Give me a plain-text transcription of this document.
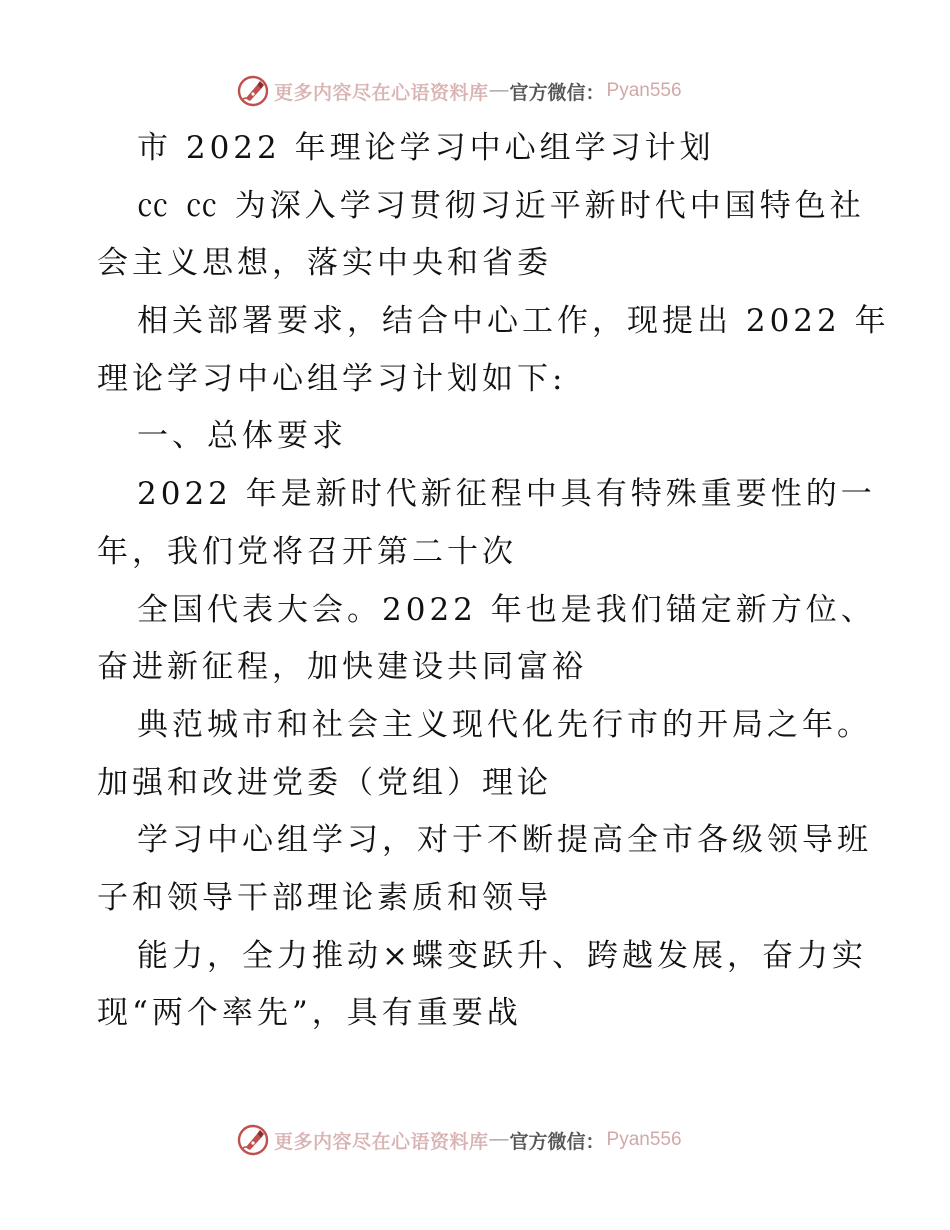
更多内容尽在心语资料库 — 官方微信： Pyan556
市 2022 年理论学习中心组学习计划
㏄ ㏄ 为深入学习贯彻习近平新时代中国特色社
会主义思想，落实中央和省委
相关部署要求，结合中心工作，现提出 2022 年
理论学习中心组学习计划如下:
一、总体要求
2022 年是新时代新征程中具有特殊重要性的一
年，我们党将召开第二十次
全国代表大会。2022 年也是我们锚定新方位、
奋进新征程，加快建设共同富裕
典范城市和社会主义现代化先行市的开局之年。
加强和改进党委（党组）理论
学习中心组学习，对于不断提高全市各级领导班
子和领导干部理论素质和领导
能力，全力推动×蝶变跃升、跨越发展，奋力实
现“两个率先”，具有重要战
更多内容尽在心语资料库 — 官方微信： Pyan556
